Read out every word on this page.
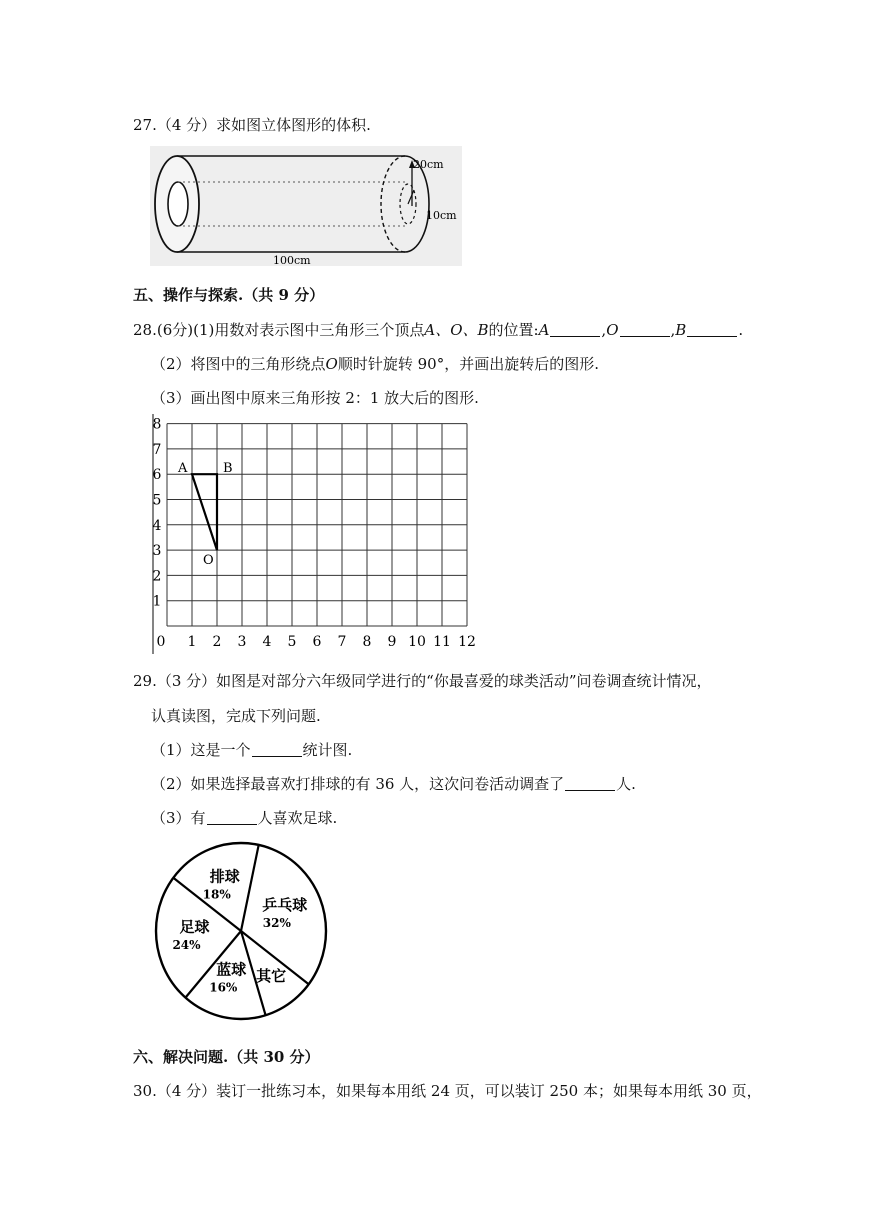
27.（4 分）求如图立体图形的体积.
20cm
10cm
100cm
五、操作与探索.（共 9 分）
28.(6分)(1)用数对表示图中三角形三个顶点A、O、B的位置:A	,O	,B	.
（2）将图中的三角形绕点O顺时针旋转 90°，并画出旋转后的图形.
（3）画出图中原来三角形按 2：1 放大后的图形.
0 1 2 3 4 5 6 7 8 9 10 11 12
1
2
3
4
5
6
7
8
A	B
O
29.（3 分）如图是对部分六年级同学进行的“你最喜爱的球类活动”问卷调查统计情况，
认真读图，完成下列问题.
（1）这是一个	统计图.
（2）如果选择最喜欢打排球的有 36 人，这次问卷活动调查了	人.
（3）有	人喜欢足球.
乒乓球
32%
其它
蓝球
16%
足球
24%
排球
18%
六、解决问题.（共 30 分）
30.（4 分）装订一批练习本，如果每本用纸 24 页，可以装订 250 本；如果每本用纸 30 页，
